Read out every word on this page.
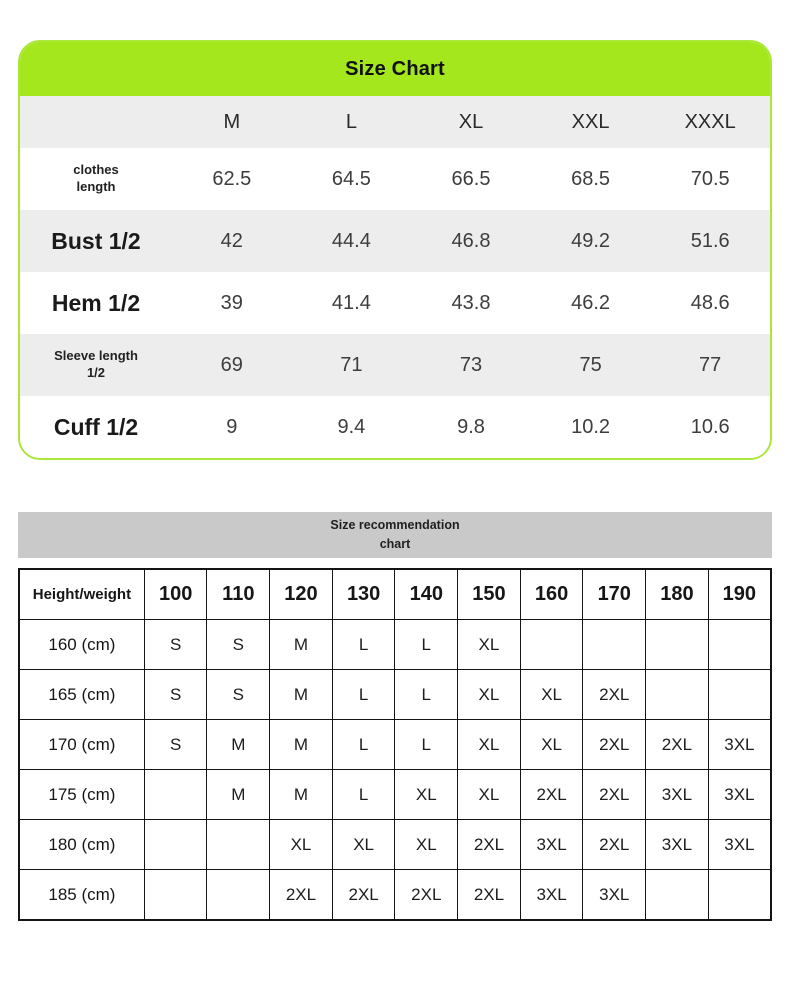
Size Chart
M	L	XL	XXL	XXXL
clothes
length	62.5	64.5	66.5	68.5	70.5
Bust 1/2	42	44.4	46.8	49.2	51.6
Hem 1/2	39	41.4	43.8	46.2	48.6
Sleeve length
1/2	69	71	73	75	77
Cuff 1/2	9	9.4	9.8	10.2	10.6
Size recommendation
chart
Height/weight	100	110	120	130	140	150	160	170	180	190
160 (cm)	S	S	M	L	L	XL				
165 (cm)	S	S	M	L	L	XL	XL	2XL		
170 (cm)	S	M	M	L	L	XL	XL	2XL	2XL	3XL
175 (cm)		M	M	L	XL	XL	2XL	2XL	3XL	3XL
180 (cm)			XL	XL	XL	2XL	3XL	2XL	3XL	3XL
185 (cm)			2XL	2XL	2XL	2XL	3XL	3XL		
